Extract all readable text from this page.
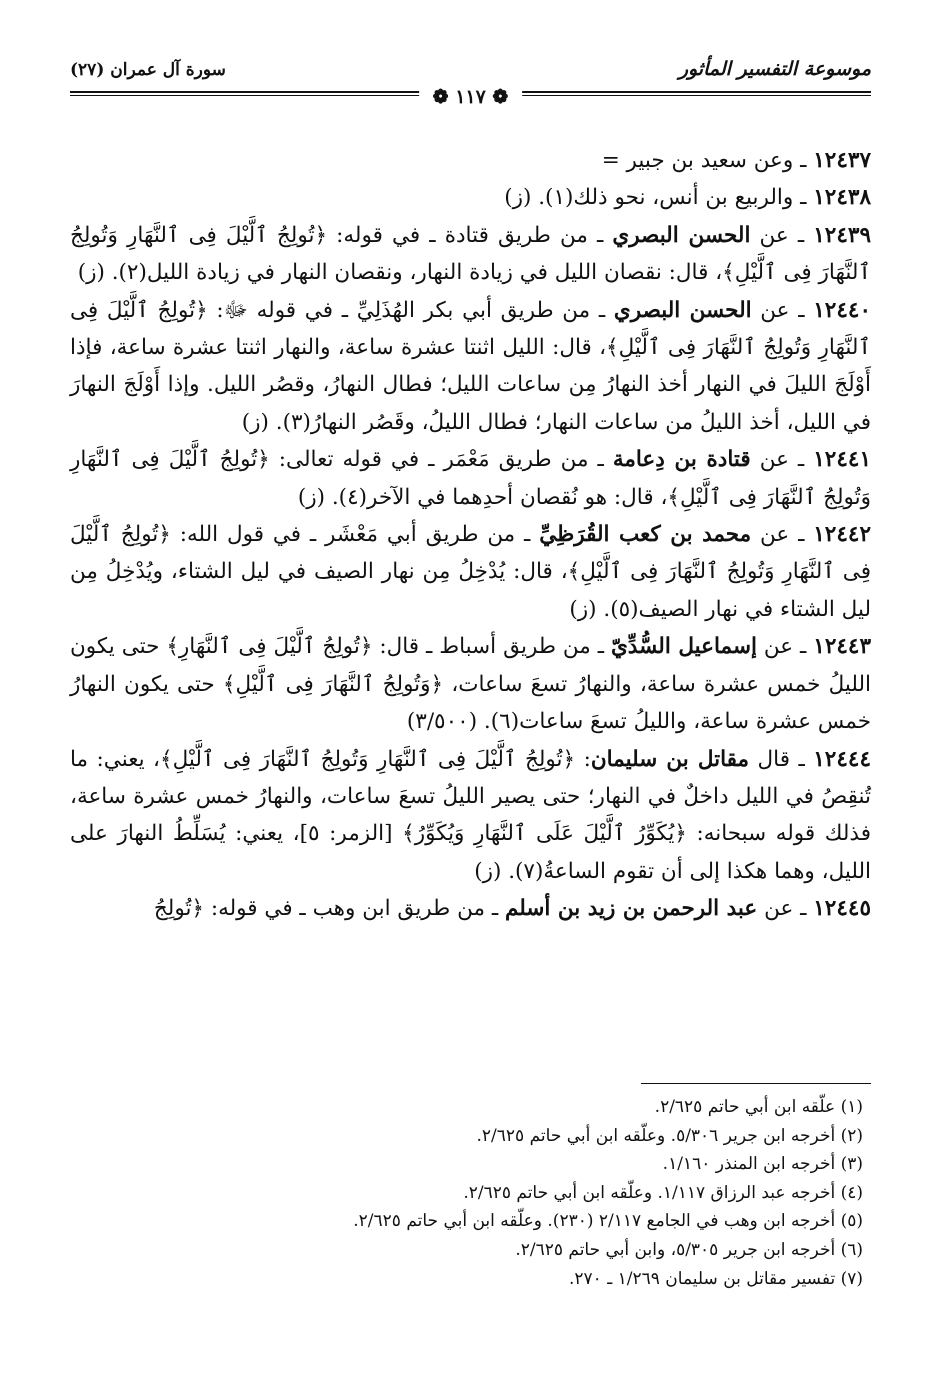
موسوعة التفسير المأثور
سورة آل عمران (٢٧)
❁ ١١٧ ❁

١٢٤٣٧ ـ وعن سعيد بن جبير =

١٢٤٣٨ ـ والربيع بن أنس، نحو ذلك(١). (ز)

١٢٤٣٩ ـ عن الحسن البصري ـ من طريق قتادة ـ في قوله: ﴿تُولِجُ ٱلَّيْلَ فِى ٱلنَّهَارِ وَتُولِجُ ٱلنَّهَارَ فِى ٱلَّيْلِ﴾، قال: نقصان الليل في زيادة النهار، ونقصان النهار في زيادة الليل(٢). (ز)

١٢٤٤٠ ـ عن الحسن البصري ـ من طريق أبي بكر الهُذَلِيِّ ـ في قوله ﷻ: ﴿تُولِجُ ٱلَّيْلَ فِى ٱلنَّهَارِ وَتُولِجُ ٱلنَّهَارَ فِى ٱلَّيْلِ﴾، قال: الليل اثنتا عشرة ساعة، والنهار اثنتا عشرة ساعة، فإذا أَوْلَجَ الليلَ في النهار أخذ النهارُ مِن ساعات الليل؛ فطال النهارُ، وقصُر الليل. وإذا أَوْلَجَ النهارَ في الليل، أخذ الليلُ من ساعات النهار؛ فطال الليلُ، وقَصُر النهارُ(٣). (ز)

١٢٤٤١ ـ عن قتادة بن دِعامة ـ من طريق مَعْمَر ـ في قوله تعالى: ﴿تُولِجُ ٱلَّيْلَ فِى ٱلنَّهَارِ وَتُولِجُ ٱلنَّهَارَ فِى ٱلَّيْلِ﴾، قال: هو نُقصان أحدِهما في الآخر(٤). (ز)

١٢٤٤٢ ـ عن محمد بن كعب القُرَظِيِّ ـ من طريق أبي مَعْشَر ـ في قول الله: ﴿تُولِجُ ٱلَّيْلَ فِى ٱلنَّهَارِ وَتُولِجُ ٱلنَّهَارَ فِى ٱلَّيْلِ﴾، قال: يُدْخِلُ مِن نهار الصيف في ليل الشتاء، ويُدْخِلُ مِن ليل الشتاء في نهار الصيف(٥). (ز)

١٢٤٤٣ ـ عن إسماعيل السُّدِّيّ ـ من طريق أسباط ـ قال: ﴿تُولِجُ ٱلَّيْلَ فِى ٱلنَّهَارِ﴾ حتى يكون الليلُ خمس عشرة ساعة، والنهارُ تسعَ ساعات، ﴿وَتُولِجُ ٱلنَّهَارَ فِى ٱلَّيْلِ﴾ حتى يكون النهارُ خمس عشرة ساعة، والليلُ تسعَ ساعات(٦). (٣/٥٠٠)

١٢٤٤٤ ـ قال مقاتل بن سليمان: ﴿تُولِجُ ٱلَّيْلَ فِى ٱلنَّهَارِ وَتُولِجُ ٱلنَّهَارَ فِى ٱلَّيْلِ﴾، يعني: ما تُنقِصُ في الليل داخلٌ في النهار؛ حتى يصير الليلُ تسعَ ساعات، والنهارُ خمس عشرة ساعة، فذلك قوله سبحانه: ﴿يُكَوِّرُ ٱلَّيْلَ عَلَى ٱلنَّهَارِ وَيُكَوِّرُ﴾ [الزمر: ٥]، يعني: يُسَلِّطُ النهارَ على الليل، وهما هكذا إلى أن تقوم الساعةُ(٧). (ز)

١٢٤٤٥ ـ عن عبد الرحمن بن زيد بن أسلم ـ من طريق ابن وهب ـ في قوله: ﴿تُولِجُ

(١) علّقه ابن أبي حاتم ٢/٦٢٥.

(٢) أخرجه ابن جرير ٥/٣٠٦. وعلّقه ابن أبي حاتم ٢/٦٢٥.

(٣) أخرجه ابن المنذر ١/١٦٠.

(٤) أخرجه عبد الرزاق ١/١١٧. وعلّقه ابن أبي حاتم ٢/٦٢٥.

(٥) أخرجه ابن وهب في الجامع ٢/١١٧ (٢٣٠). وعلّقه ابن أبي حاتم ٢/٦٢٥.

(٦) أخرجه ابن جرير ٥/٣٠٥، وابن أبي حاتم ٢/٦٢٥.

(٧) تفسير مقاتل بن سليمان ١/٢٦٩ ـ ٢٧٠.
